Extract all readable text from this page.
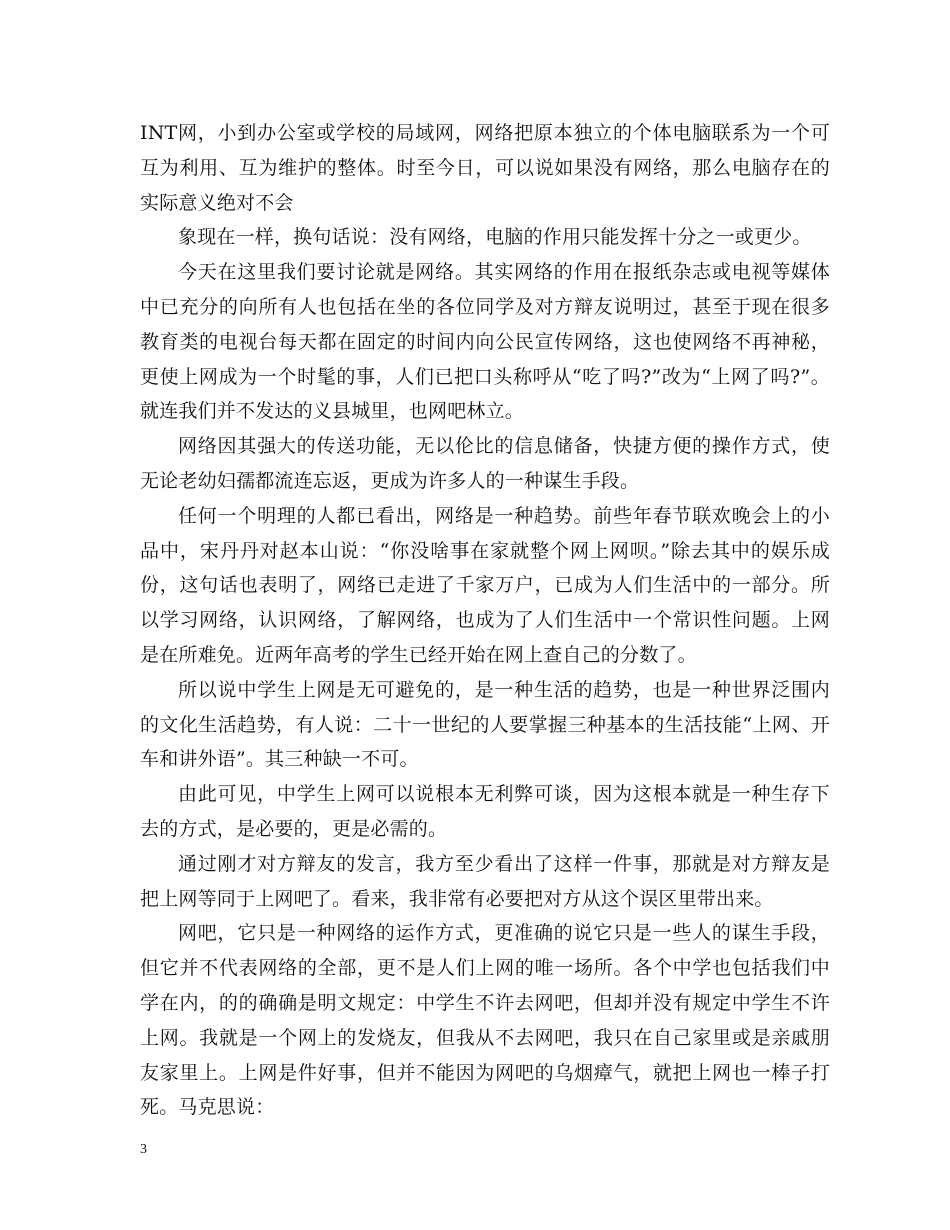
INT网，小到办公室或学校的局域网，网络把原本独立的个体电脑联系为一个可互为利用、互为维护的整体。时至今日，可以说如果没有网络，那么电脑存在的实际意义绝对不会

象现在一样，换句话说：没有网络，电脑的作用只能发挥十分之一或更少。

今天在这里我们要讨论就是网络。其实网络的作用在报纸杂志或电视等媒体中已充分的向所有人也包括在坐的各位同学及对方辩友说明过，甚至于现在很多教育类的电视台每天都在固定的时间内向公民宣传网络，这也使网络不再神秘，更使上网成为一个时髦的事，人们已把口头称呼从“吃了吗?”改为“上网了吗?”。就连我们并不发达的义县城里，也网吧林立。

网络因其强大的传送功能，无以伦比的信息储备，快捷方便的操作方式，使无论老幼妇孺都流连忘返，更成为许多人的一种谋生手段。

任何一个明理的人都已看出，网络是一种趋势。前些年春节联欢晚会上的小品中，宋丹丹对赵本山说：“你没啥事在家就整个网上网呗。”除去其中的娱乐成份，这句话也表明了，网络已走进了千家万户，已成为人们生活中的一部分。所以学习网络，认识网络，了解网络，也成为了人们生活中一个常识性问题。上网是在所难免。近两年高考的学生已经开始在网上查自己的分数了。

所以说中学生上网是无可避免的，是一种生活的趋势，也是一种世界泛围内的文化生活趋势，有人说：二十一世纪的人要掌握三种基本的生活技能“上网、开车和讲外语”。其三种缺一不可。

由此可见，中学生上网可以说根本无利弊可谈，因为这根本就是一种生存下去的方式，是必要的，更是必需的。

通过刚才对方辩友的发言，我方至少看出了这样一件事，那就是对方辩友是把上网等同于上网吧了。看来，我非常有必要把对方从这个误区里带出来。

网吧，它只是一种网络的运作方式，更准确的说它只是一些人的谋生手段，但它并不代表网络的全部，更不是人们上网的唯一场所。各个中学也包括我们中学在内，的的确确是明文规定：中学生不许去网吧，但却并没有规定中学生不许上网。我就是一个网上的发烧友，但我从不去网吧，我只在自己家里或是亲戚朋友家里上。上网是件好事，但并不能因为网吧的乌烟瘴气，就把上网也一棒子打死。马克思说：

3
